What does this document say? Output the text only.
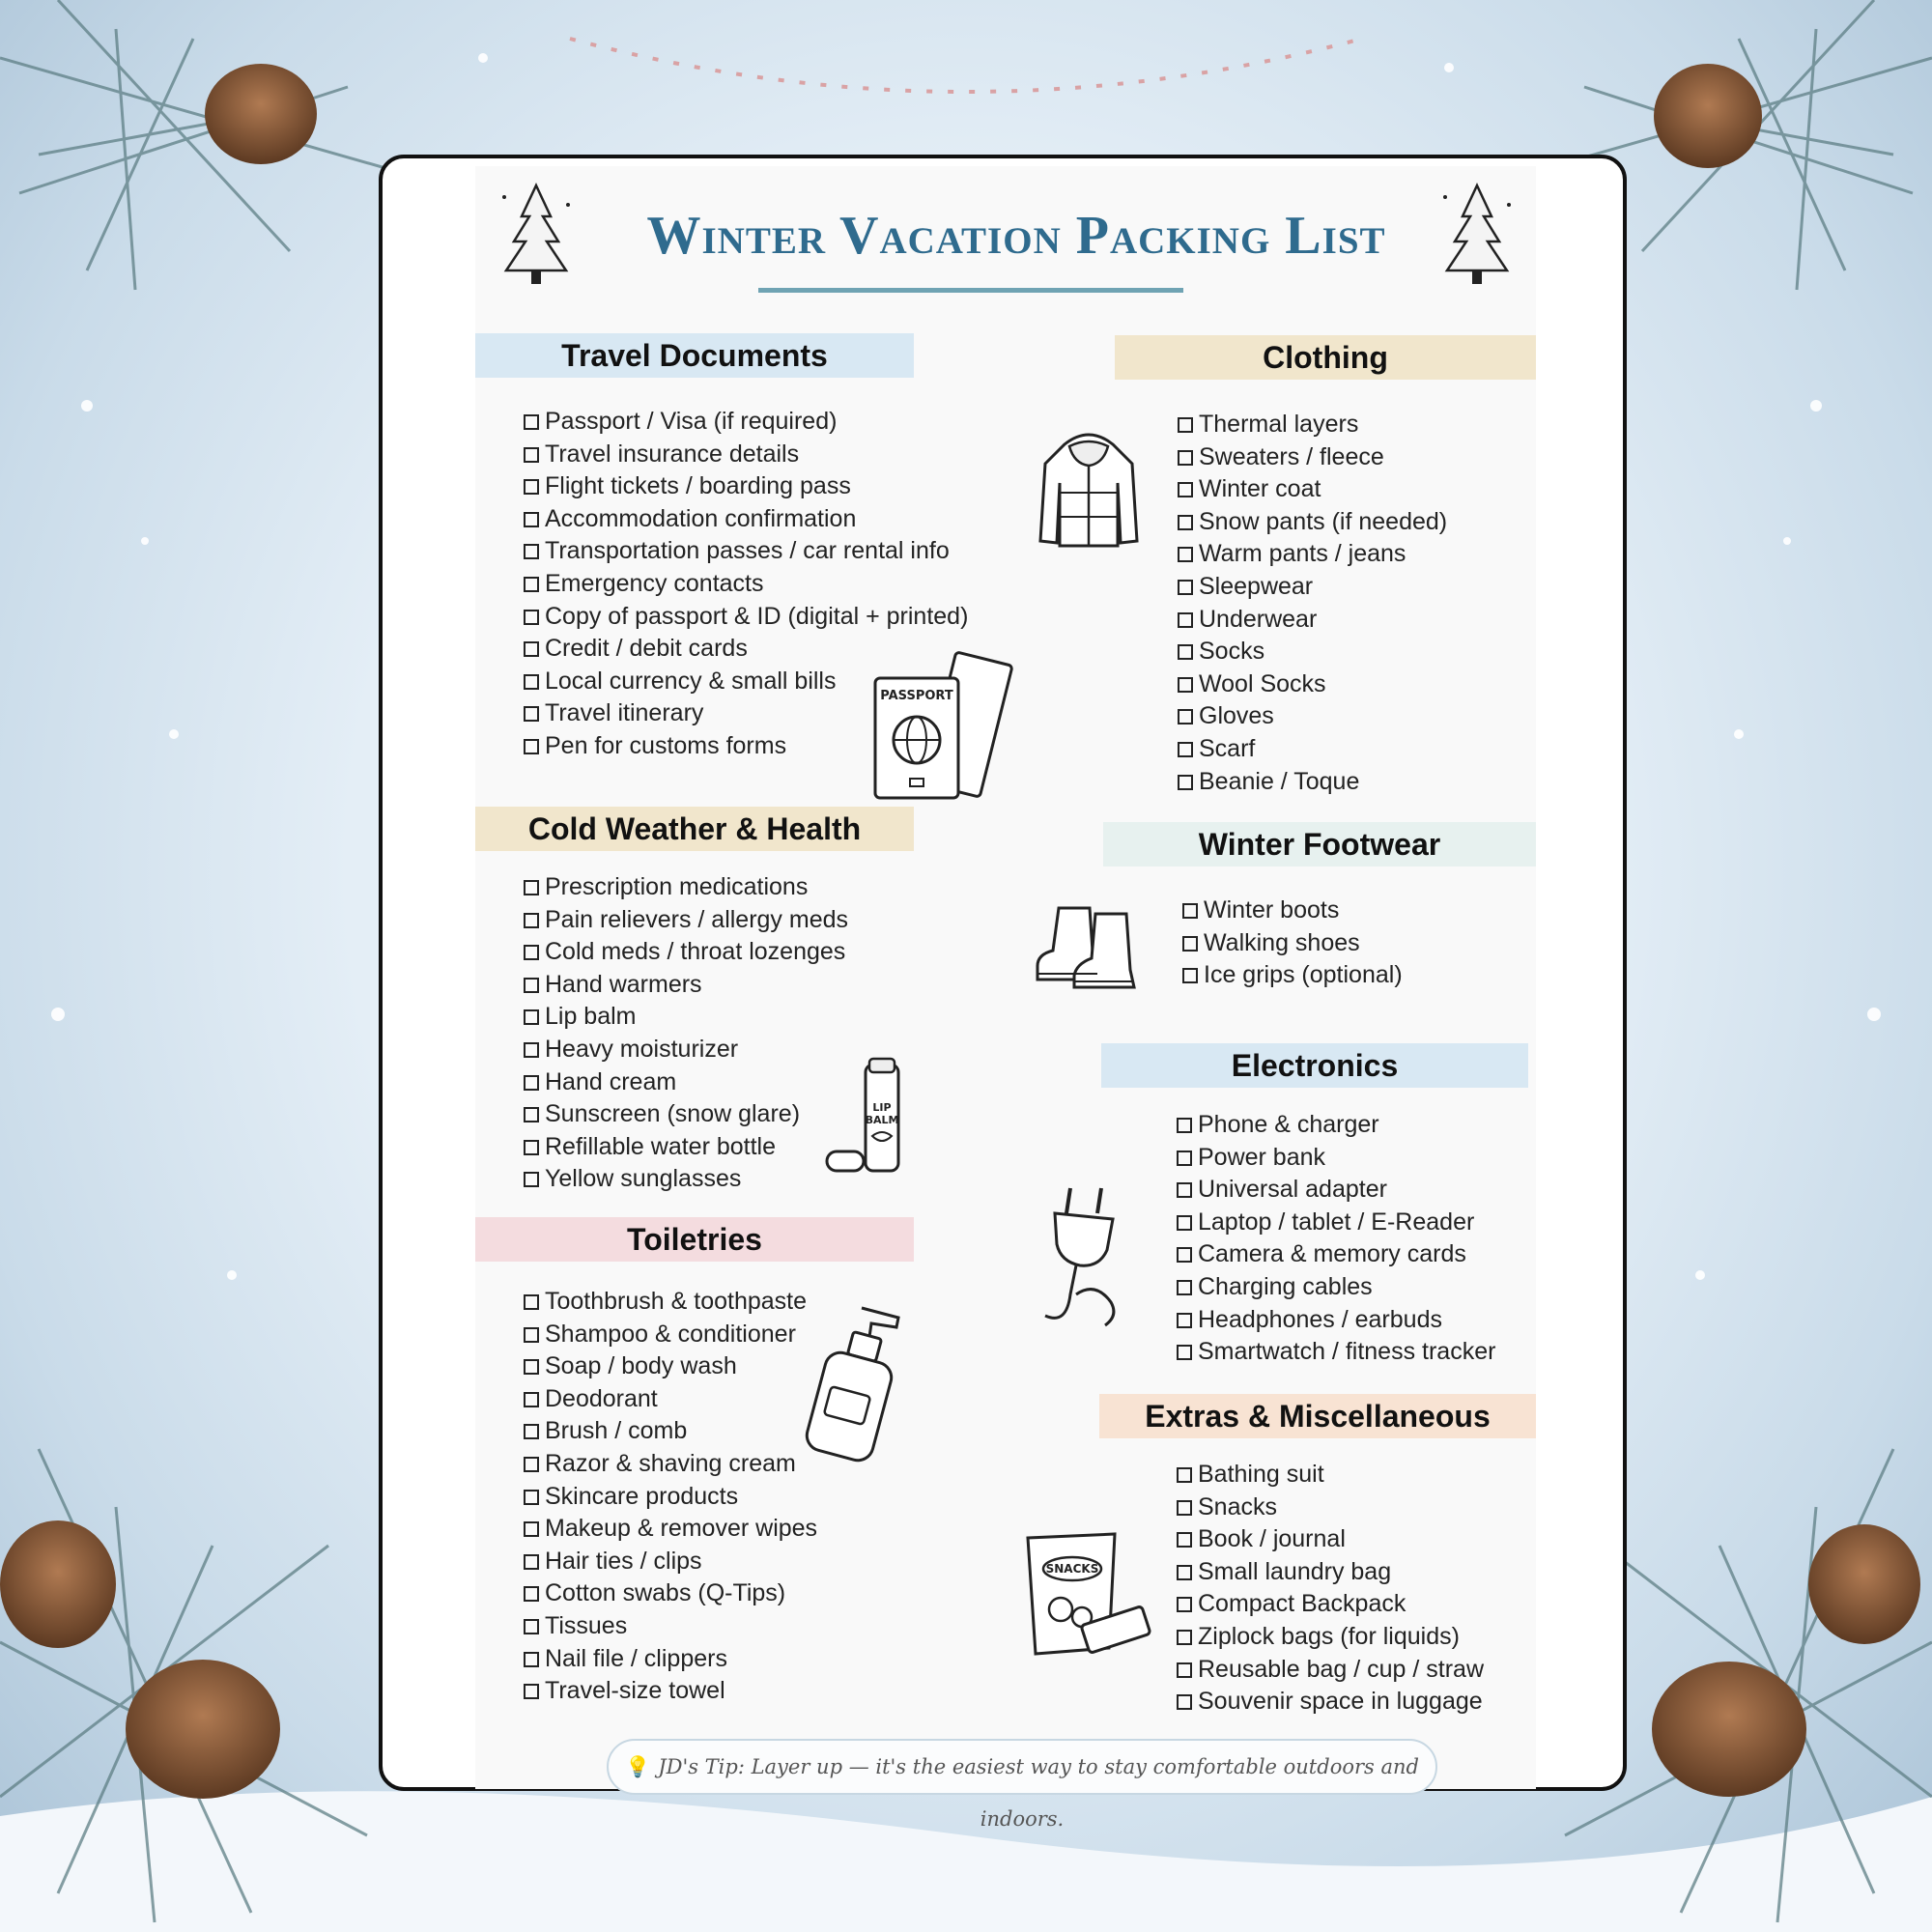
Winter Vacation Packing List
Travel Documents
Passport / Visa (if required)
Travel insurance details
Flight tickets / boarding pass
Accommodation confirmation
Transportation passes / car rental info
Emergency contacts
Copy of passport & ID (digital + printed)
Credit / debit cards
Local currency & small bills
Travel itinerary
Pen for customs forms
Clothing
Thermal layers
Sweaters / fleece
Winter coat
Snow pants (if needed)
Warm pants / jeans
Sleepwear
Underwear
Socks
Wool Socks
Gloves
Scarf
Beanie / Toque
Cold Weather & Health
Prescription medications
Pain relievers / allergy meds
Cold meds / throat lozenges
Hand warmers
Lip balm
Heavy moisturizer
Hand cream
Sunscreen (snow glare)
Refillable water bottle
Yellow sunglasses
Winter Footwear
Winter boots
Walking shoes
Ice grips (optional)
Electronics
Phone & charger
Power bank
Universal adapter
Laptop / tablet / E-Reader
Camera & memory cards
Charging cables
Headphones / earbuds
Smartwatch / fitness tracker
Toiletries
Toothbrush & toothpaste
Shampoo & conditioner
Soap / body wash
Deodorant
Brush / comb
Razor & shaving cream
Skincare products
Makeup & remover wipes
Hair ties / clips
Cotton swabs (Q-Tips)
Tissues
Nail file / clippers
Travel-size towel
Extras & Miscellaneous
Bathing suit
Snacks
Book / journal
Small laundry bag
Compact Backpack
Ziplock bags (for liquids)
Reusable bag / cup / straw
Souvenir space in luggage
PASSPORT
LIP
BALM
SNACKS
💡 JD's Tip: Layer up — it's the easiest way to stay comfortable outdoors and indoors.
